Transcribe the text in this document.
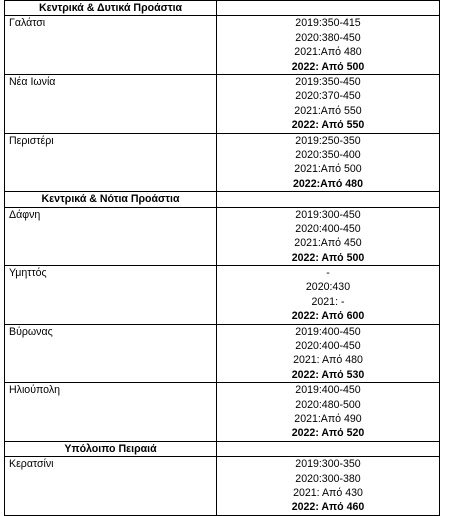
Κεντρικά & Δυτικά Προάστια	
Γαλάτσι	2019:350-415
2020:380-450
2021:Από 480
2022: Από 500

Νέα Ιωνία	2019:350-450
2020:370-450
2021:Από 550
2022: Από 550

Περιστέρι	2019:250-350
2020:350-400
2021:Από 500
2022:Από 480

Κεντρικά & Νότια Προάστια	
Δάφνη	2019:300-450
2020:400-450
2021:Από 450
2022: Από 500

Υμηττός	-
2020:430
2021: -
2022: Από 600

Βύρωνας	2019:400-450
2020:400-450
2021: Από 480
2022: Από 530

Ηλιούπολη	2019:400-450
2020:480-500
2021:Από 490
2022: Από 520

Υπόλοιπο Πειραιά	
Κερατσίνι	2019:300-350
2020:300-380
2021: Από 430
2022: Από 460
